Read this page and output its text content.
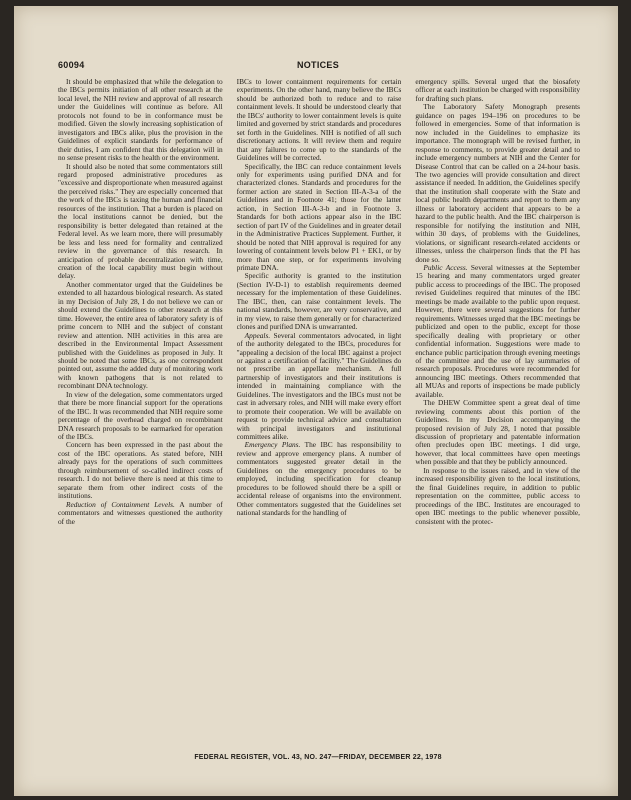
60094	NOTICES

It should be emphasized that while the delegation to the IBCs permits initiation of all other research at the local level, the NIH review and approval of all research under the Guidelines will continue as before. All protocols not found to be in conformance must be modified. Given the slowly increasing sophistication of investigators and IBCs alike, plus the provision in the Guidelines of explicit standards for performance of their duties, I am confident that this delegation will in no sense present risks to the health or the environment.

It should also be noted that some commentators still regard proposed administrative procedures as "excessive and disproportionate when measured against the perceived risks." They are especially concerned that the work of the IBCs is taxing the human and financial resources of the institution. That a burden is placed on the local institutions cannot be denied, but the responsibility is better delegated than retained at the Federal level. As we learn more, there will presumably be less and less need for formality and centralized review in the governance of this research. In anticipation of probable decentralization with time, creation of the local capability must begin without delay.

Another commentator urged that the Guidelines be extended to all hazardous biological research. As stated in my Decision of July 28, I do not believe we can or should extend the Guidelines to other research at this time. However, the entire area of laboratory safety is of prime concern to NIH and the subject of constant review and attention. NIH activities in this area are described in the Environmental Impact Assessment published with the Guidelines as proposed in July. It should be noted that some IBCs, as one correspondent pointed out, assume the added duty of monitoring work with known pathogens that is not related to recombinant DNA technology.

In view of the delegation, some commentators urged that there be more financial support for the operations of the IBC. It was recommended that NIH require some percentage of the overhead charged on recombinant DNA research proposals to be earmarked for operation of the IBCs.

Concern has been expressed in the past about the cost of the IBC operations. As stated before, NIH already pays for the operations of such committees through reimbursement of so-called indirect costs of research. I do not believe there is need at this time to separate them from other indirect costs of the institutions.

Reduction of Containment Levels. A number of commentators and witnesses questioned the authority of the

IBCs to lower containment requirements for certain experiments. On the other hand, many believe the IBCs should be authorized both to reduce and to raise containment levels. It should be understood clearly that the IBCs' authority to lower containment levels is quite limited and governed by strict standards and procedures set forth in the Guidelines. NIH is notified of all such discretionary actions. It will review them and require that any failures to come up to the standards of the Guidelines will be corrected.

Specifically, the IBC can reduce containment levels only for experiments using purified DNA and for characterized clones. Standards and procedures for the former action are stated in Section III-A-3-a of the Guidelines and in Footnote 41; those for the latter action, in Section III-A-3-b and in Footnote 3. Standards for both actions appear also in the IBC section of part IV of the Guidelines and in greater detail in the Administrative Practices Supplement. Further, it should be noted that NIH approval is required for any lowering of containment levels below P1 + EK1, or by more than one step, or for experiments involving primate DNA.

Specific authority is granted to the institution (Section IV-D-1) to establish requirements deemed necessary for the implementation of these Guidelines. The IBC, then, can raise containment levels. The national standards, however, are very conservative, and in my view, to raise them generally or for characterized clones and purified DNA is unwarranted.

Appeals. Several commentators advocated, in light of the authority delegated to the IBCs, procedures for "appealing a decision of the local IBC against a project or against a certification of facility." The Guidelines do not prescribe an appellate mechanism. A full partnership of investigators and their institutions is intended in maintaining compliance with the Guidelines. The investigators and the IBCs must not be cast in adversary roles, and NIH will make every effort to promote their cooperation. We will be available on request to provide technical advice and consultation with principal investigators and institutional committees alike.

Emergency Plans. The IBC has responsibility to review and approve emergency plans. A number of commentators suggested greater detail in the Guidelines on the emergency procedures to be employed, including specification for cleanup procedures to be followed should there be a spill or accidental release of organisms into the environment. Other commentators suggested that the Guidelines set national standards for the handling of

emergency spills. Several urged that the biosafety officer at each institution be charged with responsibility for drafting such plans.

The Laboratory Safety Monograph presents guidance on pages 194–196 on procedures to be followed in emergencies. Some of that information is now included in the Guidelines to emphasize its importance. The monograph will be revised further, in response to comments, to provide greater detail and to include emergency numbers at NIH and the Center for Disease Control that can be called on a 24-hour basis. The two agencies will provide consultation and direct assistance if needed. In addition, the Guidelines specify that the institution shall cooperate with the State and local public health departments and report to them any illness or laboratory accident that appears to be a hazard to the public health. And the IBC chairperson is responsible for notifying the institution and NIH, within 30 days, of problems with the Guidelines, violations, or significant research-related accidents or illnesses, unless the chairperson finds that the PI has done so.

Public Access. Several witnesses at the September 15 hearing and many commentators urged greater public access to proceedings of the IBC. The proposed revised Guidelines required that minutes of the IBC meetings be made available to the public upon request. However, there were several suggestions for further requirements. Witnesses urged that the IBC meetings be publicized and open to the public, except for those specifically dealing with proprietary or other confidential information. Suggestions were made to enchance public participation through evening meetings of the committee and the use of lay summaries of research proposals. Procedures were recommended for announcing IBC meetings. Others recommended that all MUAs and reports of inspections be made publicly available.

The DHEW Committee spent a great deal of time reviewing comments about this portion of the Guidelines. In my Decision accompanying the proposed revision of July 28, I noted that possible discussion of proprietary and patentable information often precludes open IBC meetings. I did urge, however, that local committees have open meetings when possible and that they be publicly announced.

In response to the issues raised, and in view of the increased responsibility given to the local institutions, the final Guidelines require, in addition to public representation on the committee, public access to proceedings of the IBC. Institutes are encouraged to open IBC meetings to the public whenever possible, consistent with the protec-

FEDERAL REGISTER, VOL. 43, NO. 247—FRIDAY, DECEMBER 22, 1978
